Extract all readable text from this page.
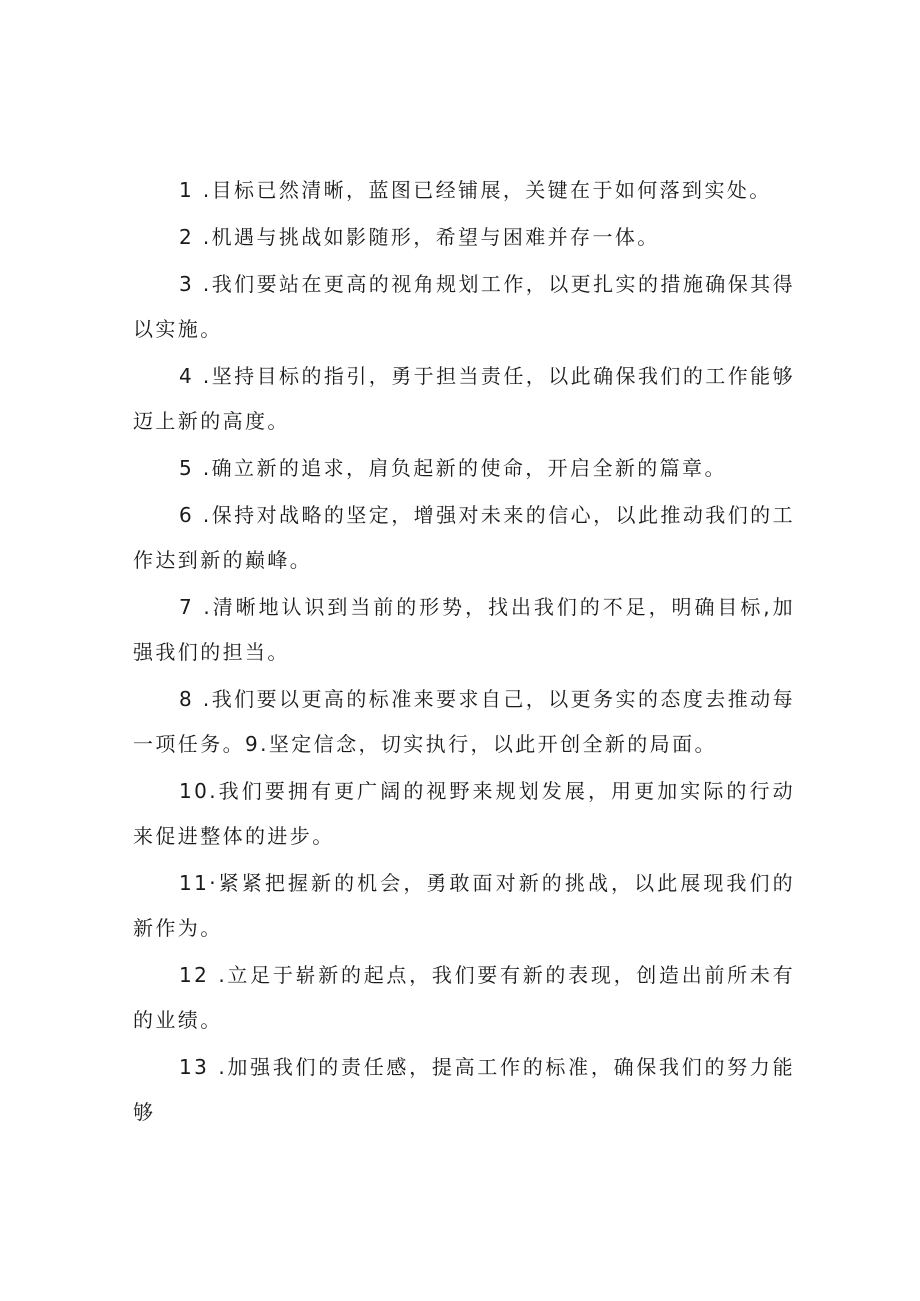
1 .目标已然清晰，蓝图已经铺展，关键在于如何落到实处。

2 .机遇与挑战如影随形，希望与困难并存一体。

3 .我们要站在更高的视角规划工作，以更扎实的措施确保其得以实施。

4 .坚持目标的指引，勇于担当责任，以此确保我们的工作能够迈上新的高度。

5 .确立新的追求，肩负起新的使命，开启全新的篇章。

6 .保持对战略的坚定，增强对未来的信心，以此推动我们的工作达到新的巅峰。

7 .清晰地认识到当前的形势，找出我们的不足，明确目标,加强我们的担当。

8 .我们要以更高的标准来要求自己，以更务实的态度去推动每一项任务。9.坚定信念，切实执行，以此开创全新的局面。

10.我们要拥有更广阔的视野来规划发展，用更加实际的行动来促进整体的进步。

11·紧紧把握新的机会，勇敢面对新的挑战，以此展现我们的新作为。

12 .立足于崭新的起点，我们要有新的表现，创造出前所未有的业绩。

13 .加强我们的责任感，提高工作的标准，确保我们的努力能够
